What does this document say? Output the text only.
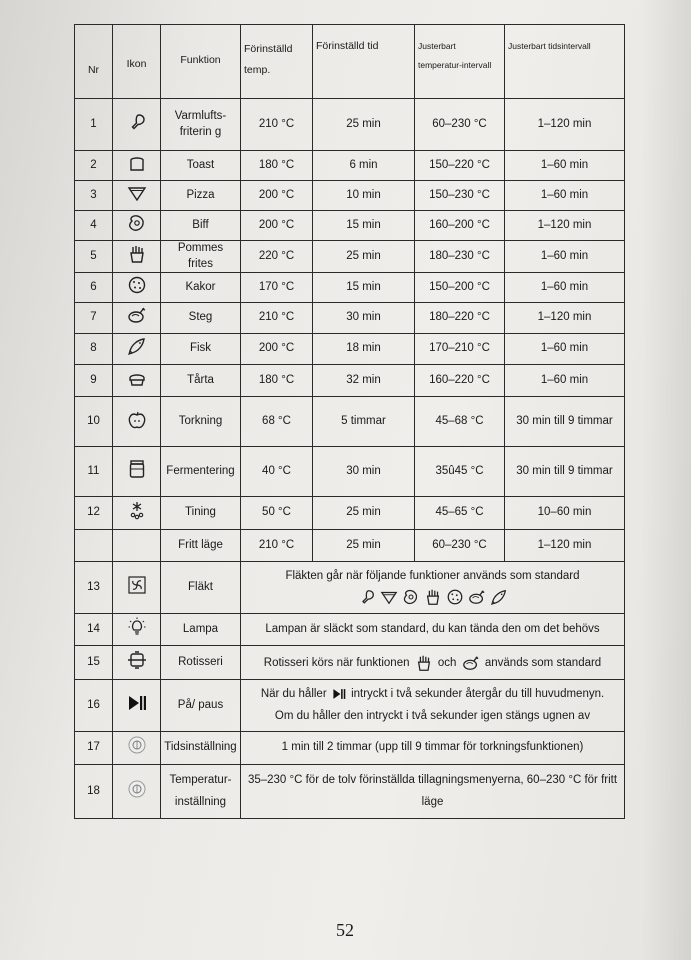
Nr	Ikon	Funktion	Förinställd temp.	Förinställd tid	Justerbart temperatur-intervall	Justerbart tidsintervall
1		Varmlufts-friterin g	210 °C	25 min	60–230 °C	1–120 min
2		Toast	180 °C	6 min	150–220 °C	1–60 min
3		Pizza	200 °C	10 min	150–230 °C	1–60 min
4		Biff	200 °C	15 min	160–200 °C	1–120 min
5		Pommes frites	220 °C	25 min	180–230 °C	1–60 min
6		Kakor	170 °C	15 min	150–200 °C	1–60 min
7		Steg	210 °C	30 min	180–220 °C	1–120 min
8		Fisk	200 °C	18 min	170–210 °C	1–60 min
9		Tårta	180 °C	32 min	160–220 °C	1–60 min
10		Torkning	68 °C	5 timmar	45–68 °C	30 min till 9 timmar
11		Fermentering	40 °C	30 min	35û45 °C	30 min till 9 timmar
12		Tining	50 °C	25 min	45–65 °C	10–60 min
		Fritt läge	210 °C	25 min	60–230 °C	1–120 min
13		Fläkt	Fläkten går när följande funktioner används som standard			

14		Lampa	Lampan är släckt som standard, du kan tända den om det behövs			
15		Rotisseri	Rotisseri körs när funktionen och används som standard			
16		På/ paus	När du håller intryckt i två sekunder återgår du till huvudmenyn.
Om du håller den intryckt i två sekunder igen stängs ugnen av			

17		Tidsinställning	1 min till 2 timmar (upp till 9 timmar för torkningsfunktionen)			
18		Temperatur-inställning	35–230 °C för de tolv förinställda tillagningsmenyerna, 60–230 °C för fritt läge			
52
